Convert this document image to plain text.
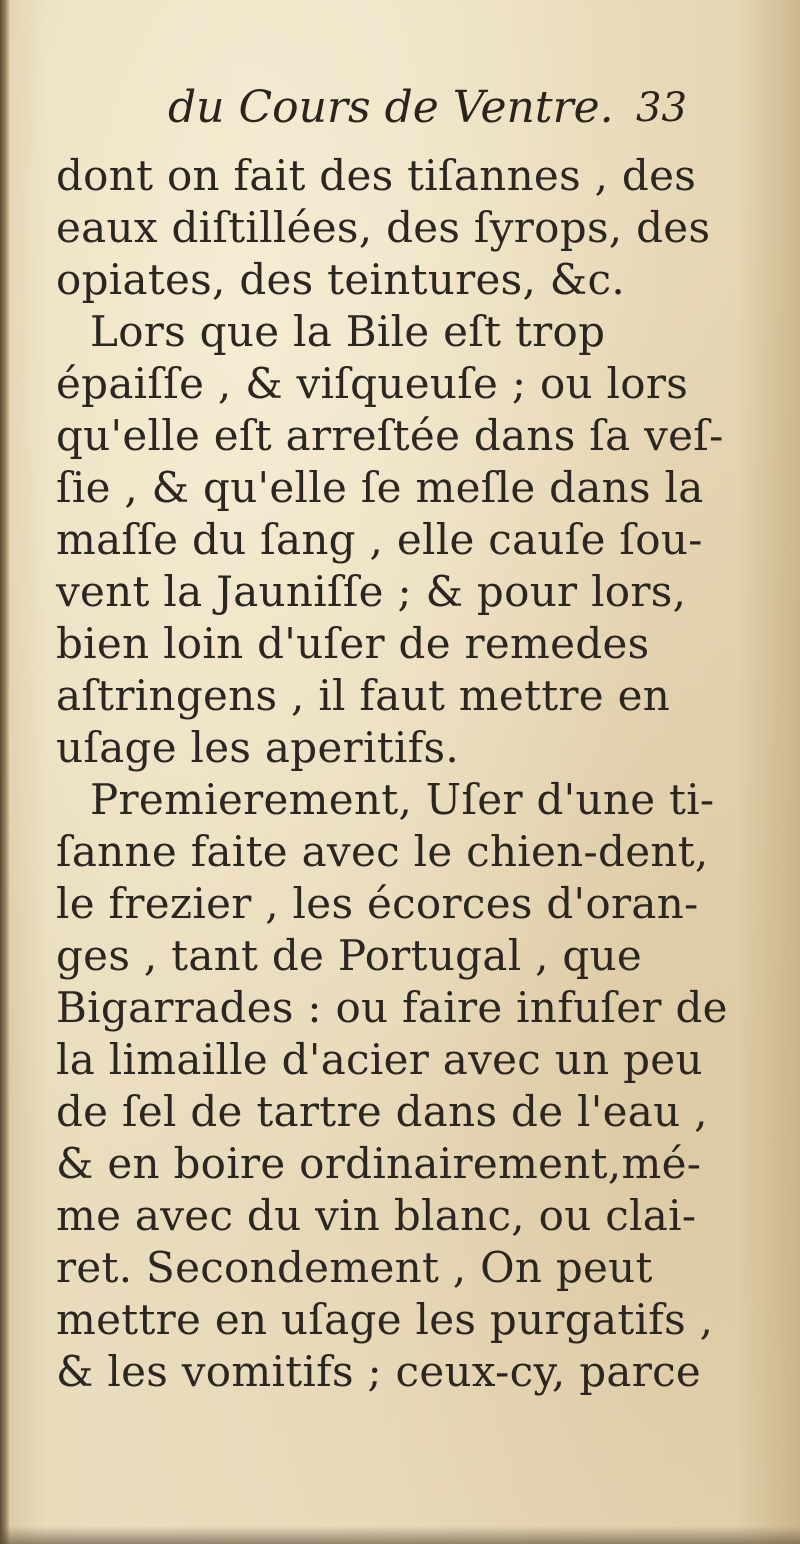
du Cours de Ventre. 33
dont on fait des tiſannes , des
eaux diſtillées, des ſyrops, des
opiates, des teintures, &c.
Lors que la Bile eſt trop
épaiſſe , & viſqueuſe ; ou lors
qu'elle eſt arreſtée dans ſa veſ-
ſie , & qu'elle ſe meſle dans la
maſſe du ſang , elle cauſe ſou-
vent la Jauniſſe ; & pour lors,
bien loin d'uſer de remedes
aſtringens , il faut mettre en
uſage les aperitifs.
Premierement, Uſer d'une ti-
ſanne faite avec le chien-dent,
le frezier , les écorces d'oran-
ges , tant de Portugal , que
Bigarrades : ou faire infuſer de
la limaille d'acier avec un peu
de ſel de tartre dans de l'eau ,
& en boire ordinairement,mé-
me avec du vin blanc, ou clai-
ret. Secondement , On peut
mettre en uſage les purgatifs ,
& les vomitifs ; ceux-cy, parce
